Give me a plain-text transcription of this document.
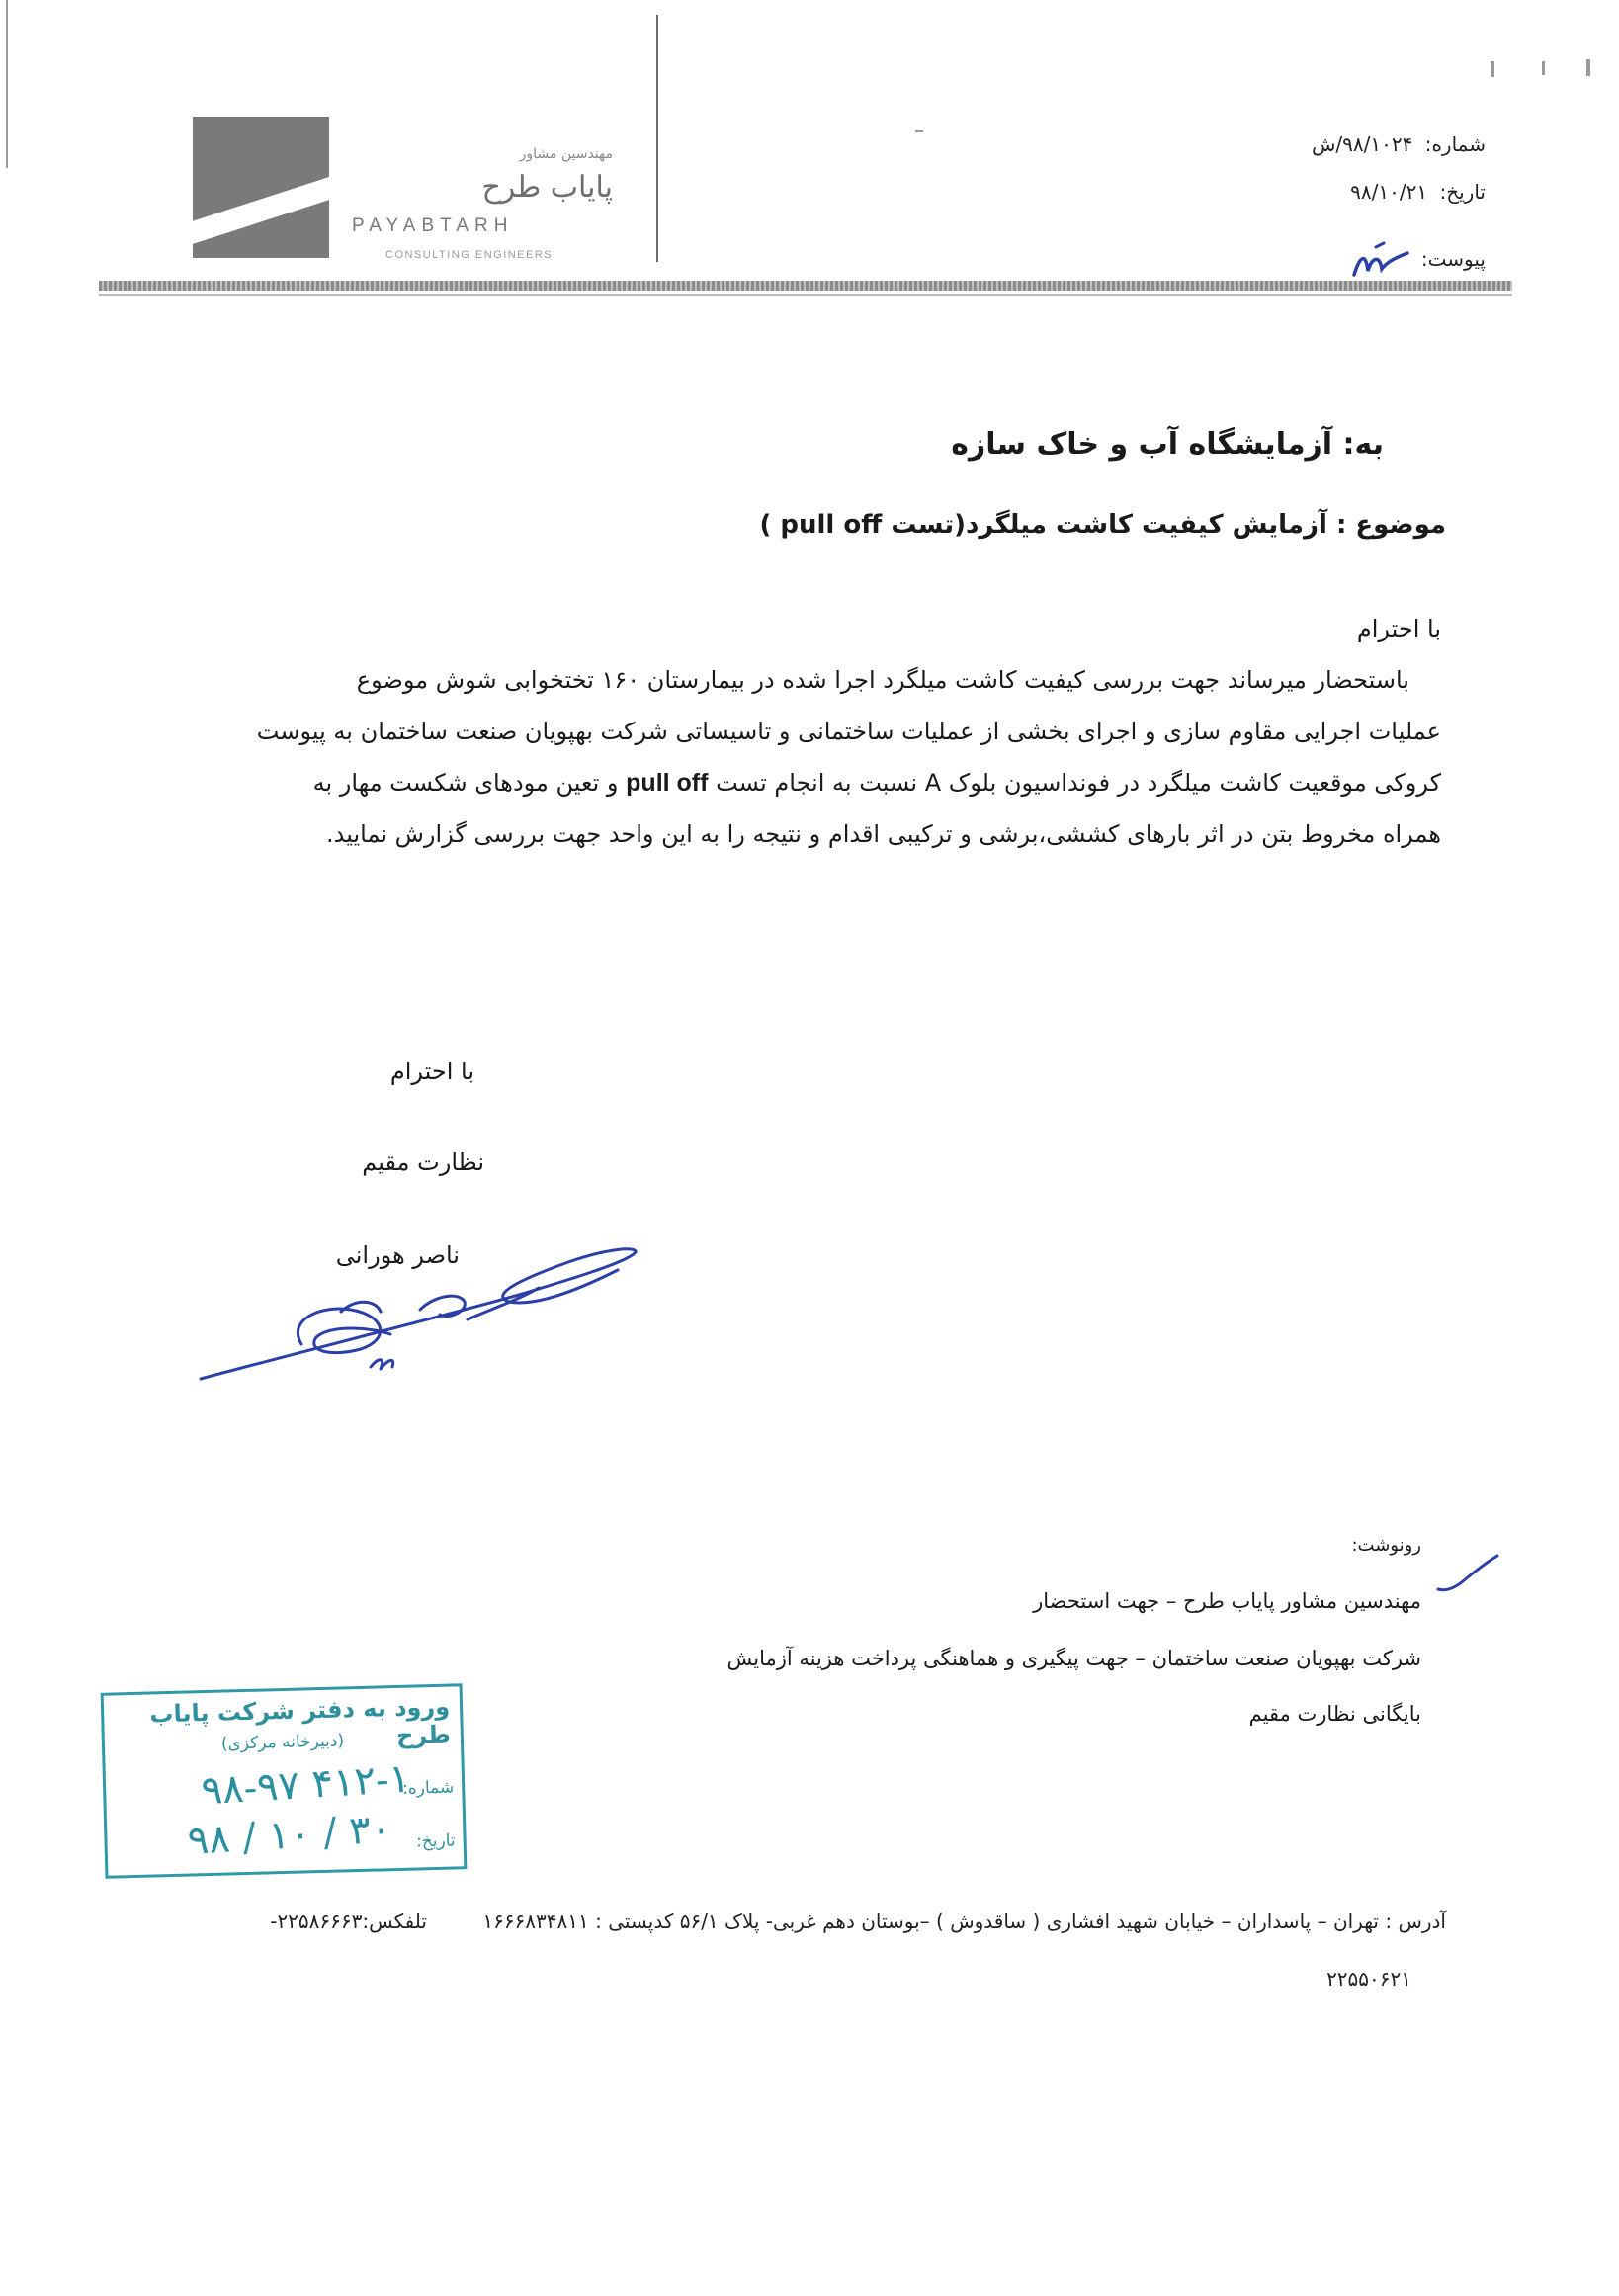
مهندسین مشاور
پایاب طرح
PAYABTARH
CONSULTING ENGINEERS
شماره: ۹۸/۱۰۲۴/ش
تاریخ: ۹۸/۱۰/۲۱
پیوست:
به: آزمایشگاه آب و خاک سازه
موضوع : آزمایش کیفیت کاشت میلگرد(تست pull off )
با احترام

باستحضار میرساند جهت بررسی کیفیت کاشت میلگرد اجرا شده در بیمارستان ۱۶۰ تختخوابی شوش موضوع

عملیات اجرایی مقاوم سازی و اجرای بخشی از عملیات ساختمانی و تاسیساتی شرکت بهپویان صنعت ساختمان به پیوست

کروکی موقعیت کاشت میلگرد در فونداسیون بلوک A نسبت به انجام تست pull off و تعین مودهای شکست مهار به

همراه مخروط بتن در اثر بارهای کششی،برشی و ترکیبی اقدام و نتیجه را به این واحد جهت بررسی گزارش نمایید.

با احترام
نظارت مقیم
ناصر هورانی
رونوشت:
مهندسین مشاور پایاب طرح – جهت استحضار
شرکت بهپویان صنعت ساختمان – جهت پیگیری و هماهنگی پرداخت هزینه آزمایش
بایگانی نظارت مقیم
ورود به دفتر شرکت پایاب طرح
(دبیرخانه مرکزی)
شماره:
۹۸-۹۷ ۴۱۲-۱
تاریخ:
۹۸ / ۱۰ / ۳۰
آدرس : تهران – پاسداران – خیابان شهید افشاری ( ساقدوش ) –بوستان دهم غربی- پلاک ۵۶/۱ کدپستی : ۱۶۶۶۸۳۴۸۱۱ تلفکس:۲۲۵۸۶۶۶۳-
۲۲۵۵۰۶۲۱
